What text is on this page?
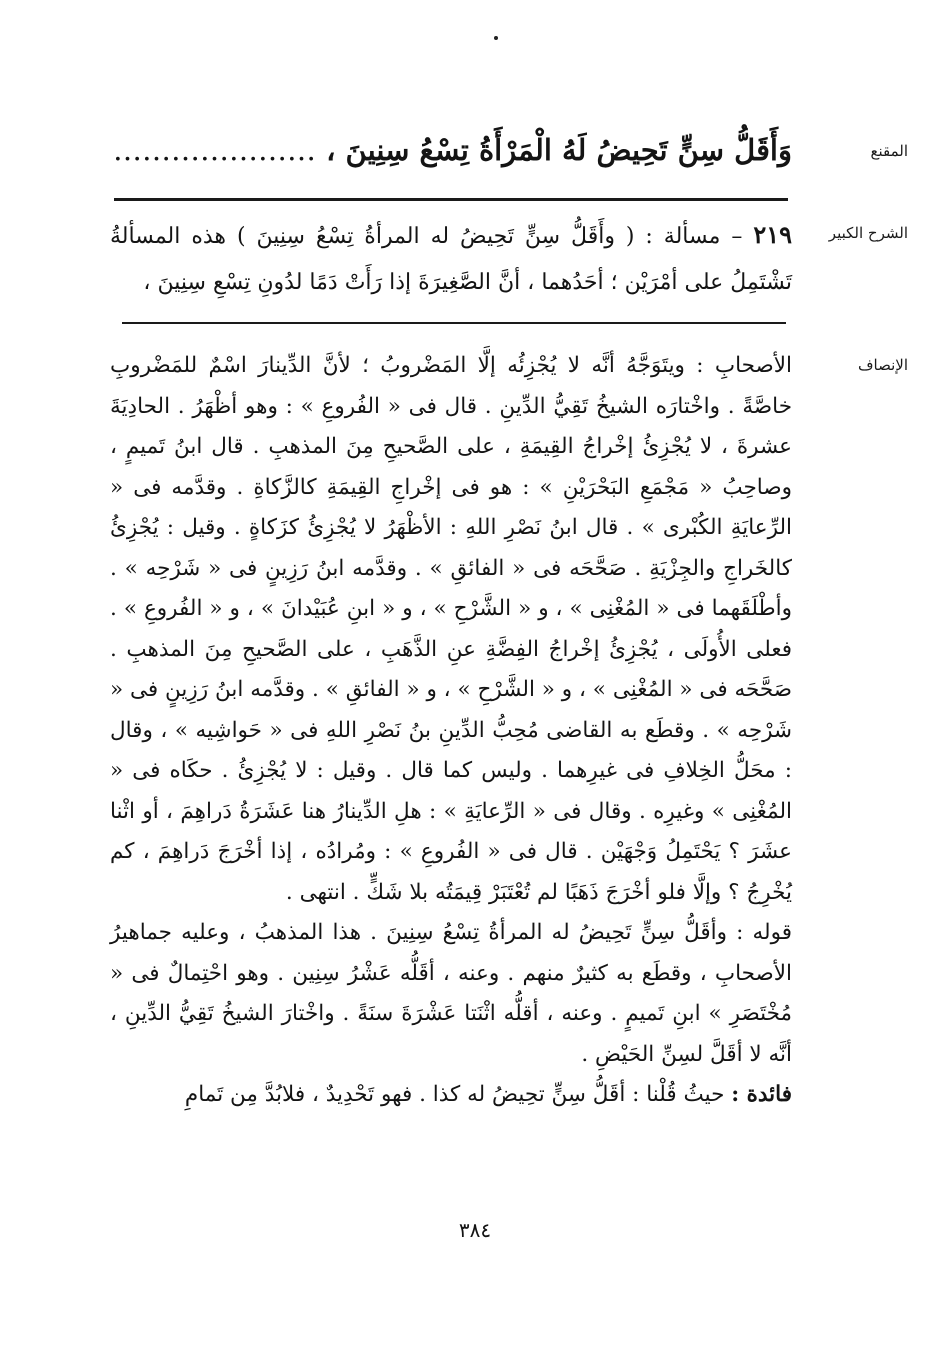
المقنع
وَأَقَلُّ سِنٍّ تَحِيضُ لَهُ الْمَرْأَةُ تِسْعُ سِنِينَ ، …………………
الشرح الكبير
٢١٩ – مسألة : ( وأَقَلُّ سِنٍّ تَحِيضُ له المرأةُ تِسْعُ سِنِينَ ) هذه المسألةُ تَشْتَمِلُ على أمْرَيْن ؛ أحَدُهما ، أنَّ الصَّغِيرَةَ إذا رَأَتْ دَمًا لدُونِ تِسْعِ سِنِينَ ،
الإنصاف

الأصحابِ : ويتَوَجَّهُ أنَّه لا يُجْزِئُه إلَّا المَضْروبُ ؛ لأنَّ الدِّينارَ اسْمٌ للمَضْروبِ خاصَّةً . واخْتارَه الشيخُ تَقِيُّ الدِّينِ . قال فى « الفُروعِ » : وهو أظْهَرُ . الحادِيَةَ عشرةَ ، لا يُجْزِئُ إخْراجُ القِيمَةِ ، على الصَّحيحِ مِنَ المذهبِ . قال ابنُ تَميمٍ ، وصاحِبُ « مَجْمَعِ البَحْرَيْنِ » : هو فى إخْراجِ القِيمَةِ كالزَّكاةِ . وقدَّمه فى « الرِّعايَةِ الكُبْرى » . قال ابنُ نَصْرِ اللهِ : الأظْهَرُ لا يُجْزِئُ كزَكاةٍ . وقيل : يُجْزِئُ كالخَراجِ والجِزْيَةِ . صَحَّحَه فى « الفائقِ » . وقدَّمه ابنُ رَزِينٍ فى « شَرْحِه » . وأطْلَقَهما فى « المُغْنِى » ، و « الشَّرْحِ » ، و « ابنِ عُبَيْدانَ » ، و « الفُروعِ » . فعلى الأُولَى ، يُجْزِئُ إخْراجُ الفِضَّةِ عنِ الذَّهَبِ ، على الصَّحيحِ مِنَ المذهبِ . صَحَّحَه فى « المُغْنِى » ، و « الشَّرْحِ » ، و « الفائقِ » . وقدَّمه ابنُ رَزِينٍ فى « شَرْحِه » . وقطَع به القاضى مُحِبُّ الدِّينِ بنُ نَصْرِ اللهِ فى « حَواشِيه » ، وقال : محَلُّ الخِلافِ فى غيرِهما . وليس كما قال . وقيل : لا يُجْزِئُ . حكَاه فى « المُغْنِى » وغيرِه . وقال فى « الرِّعايَةِ » : هلِ الدِّينارُ هنا عَشَرَةُ دَراهِمَ ، أو اثْنا عشَرَ ؟ يَحْتَمِلُ وَجْهَيْن . قال فى « الفُروعِ » : ومُرادُه ، إذا أخْرَجَ دَراهِمَ ، كم يُخْرِجُ ؟ وإلَّا فلو أخْرَجَ ذَهَبًا لم تُعْتَبَرْ قِيمَتُه بلا شَكٍّ . انتهى .

قوله : وأقَلُّ سِنٍّ تَحِيضُ له المرأةُ تِسْعُ سِنِينَ . هذا المذهبُ ، وعليه جماهيرُ الأصحابِ ، وقطَع به كثيرٌ منهم . وعنه ، أقَلُّه عَشْرُ سِنِين . وهو احْتِمالٌ فى « مُخْتَصَرِ » ابنِ تَميمٍ . وعنه ، أقلُّه اثْنَتا عَشْرَةَ سنَةً . واخْتارَ الشيخُ تَقِيُّ الدِّينِ ، أنَّه لا أقَلَّ لسِنِّ الحَيْضِ .

فائدة : حيثُ قُلْنا : أقَلُّ سِنٍّ تحِيضُ له كذا . فهو تَحْدِيدٌ ، فلابُدَّ مِن تَمامِ

٣٨٤
